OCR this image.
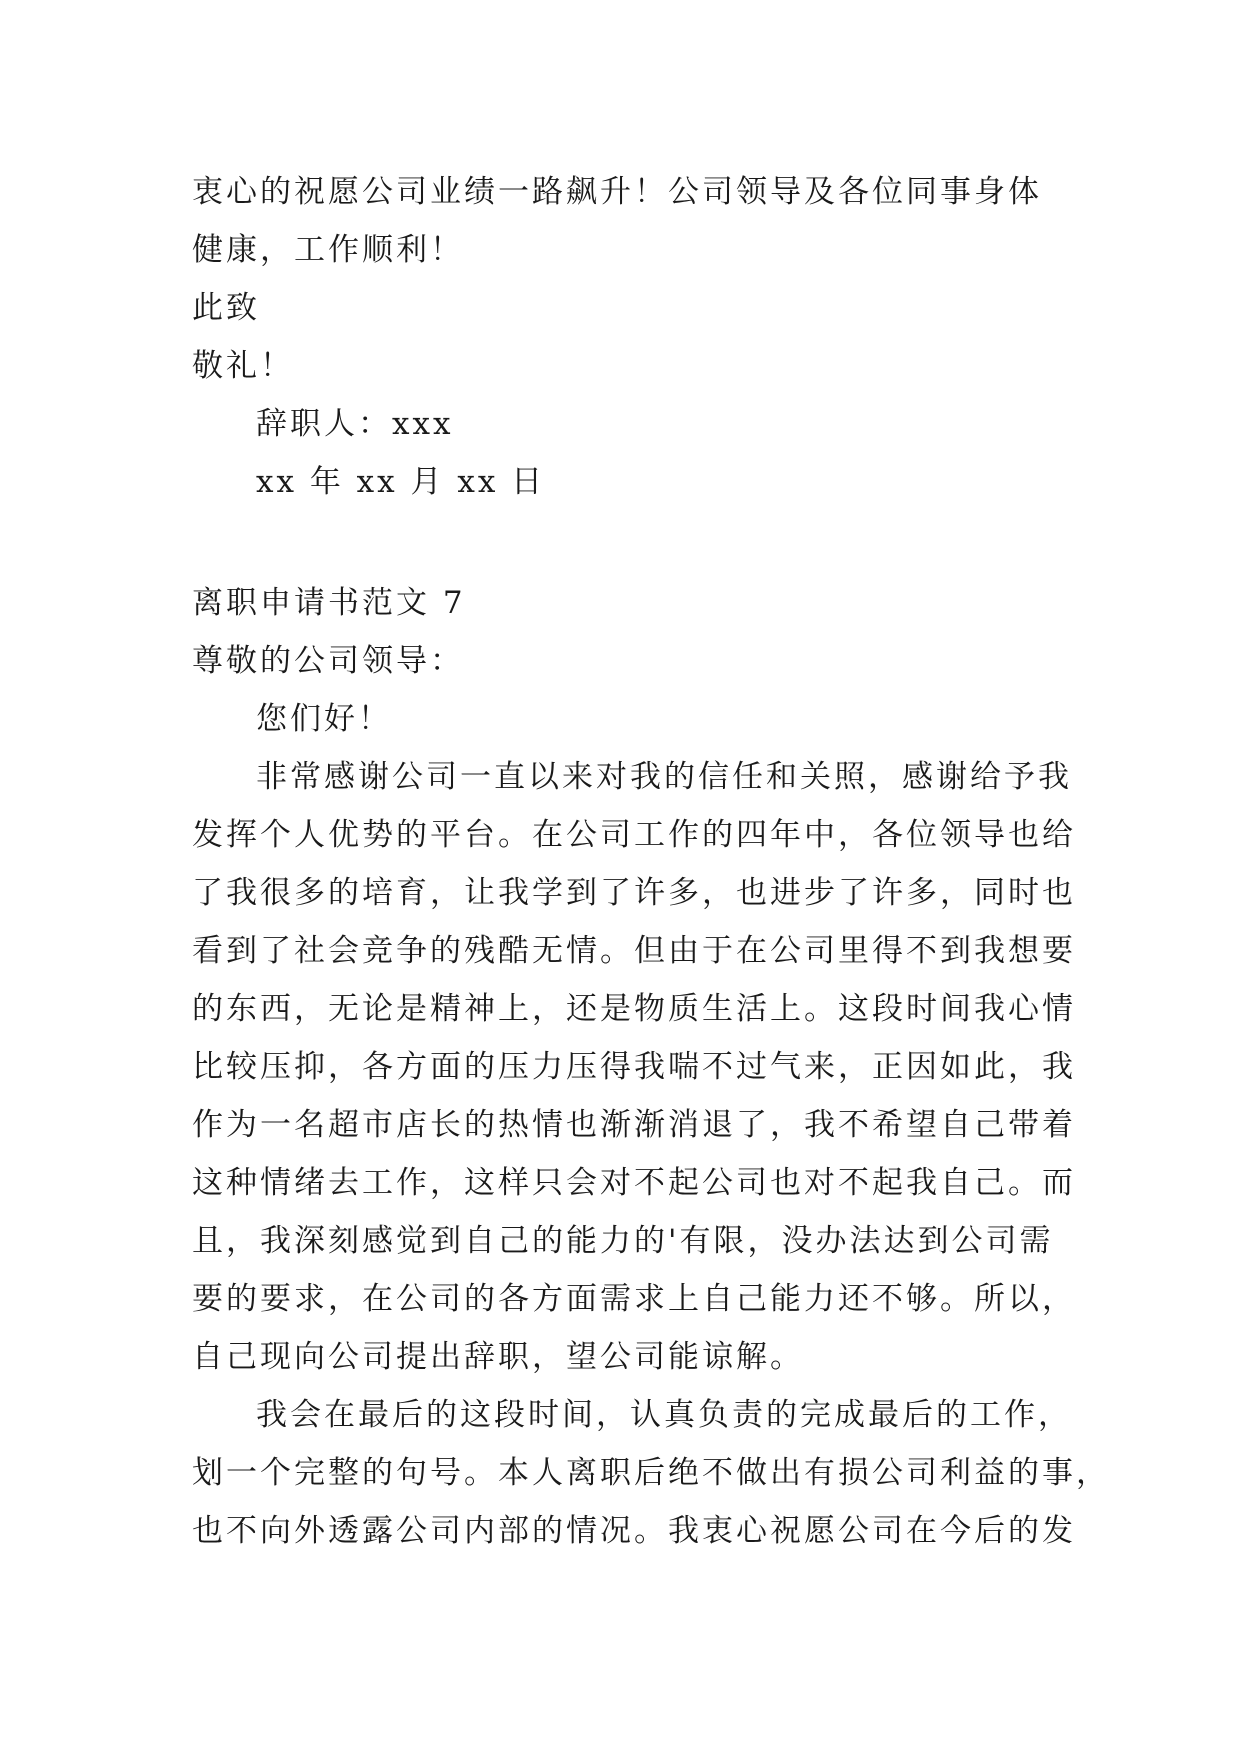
衷心的祝愿公司业绩一路飙升！公司领导及各位同事身体
健康，工作顺利！
此致
敬礼！
辞职人：xxx
xx 年 xx 月 xx 日
离职申请书范文 7
尊敬的公司领导：
您们好！
非常感谢公司一直以来对我的信任和关照，感谢给予我
发挥个人优势的平台。在公司工作的四年中，各位领导也给
了我很多的培育，让我学到了许多，也进步了许多，同时也
看到了社会竞争的残酷无情。但由于在公司里得不到我想要
的东西，无论是精神上，还是物质生活上。这段时间我心情
比较压抑，各方面的压力压得我喘不过气来，正因如此，我
作为一名超市店长的热情也渐渐消退了，我不希望自己带着
这种情绪去工作，这样只会对不起公司也对不起我自己。而
且，我深刻感觉到自己的能力的'有限，没办法达到公司需
要的要求，在公司的各方面需求上自己能力还不够。所以，
自己现向公司提出辞职，望公司能谅解。
我会在最后的这段时间，认真负责的完成最后的工作，
划一个完整的句号。本人离职后绝不做出有损公司利益的事，
也不向外透露公司内部的情况。我衷心祝愿公司在今后的发
